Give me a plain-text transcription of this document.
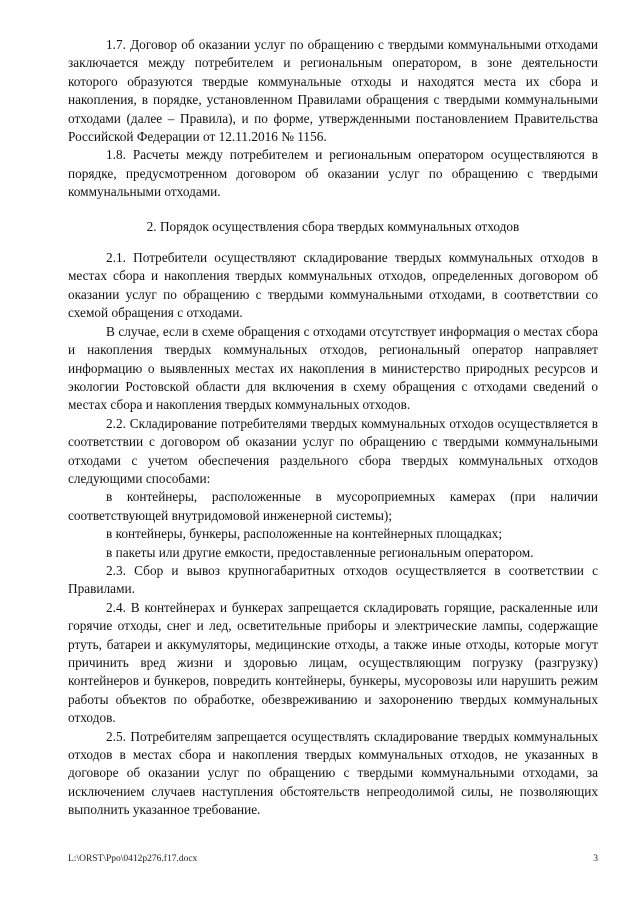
1.7. Договор об оказании услуг по обращению с твердыми коммунальными отходами заключается между потребителем и региональным оператором, в зоне деятельности которого образуются твердые коммунальные отходы и находятся места их сбора и накопления, в порядке, установленном Правилами обращения с твердыми коммунальными отходами (далее – Правила), и по форме, утвержденными постановлением Правительства Российской Федерации от 12.11.2016 № 1156.

1.8. Расчеты между потребителем и региональным оператором осуществляются в порядке, предусмотренном договором об оказании услуг по обращению с твердыми коммунальными отходами.

2. Порядок осуществления сбора твердых коммунальных отходов

2.1. Потребители осуществляют складирование твердых коммунальных отходов в местах сбора и накопления твердых коммунальных отходов, определенных договором об оказании услуг по обращению с твердыми коммунальными отходами, в соответствии со схемой обращения с отходами.

В случае, если в схеме обращения с отходами отсутствует информация о местах сбора и накопления твердых коммунальных отходов, региональный оператор направляет информацию о выявленных местах их накопления в министерство природных ресурсов и экологии Ростовской области для включения в схему обращения с отходами сведений о местах сбора и накопления твердых коммунальных отходов.

2.2. Складирование потребителями твердых коммунальных отходов осуществляется в соответствии с договором об оказании услуг по обращению с твердыми коммунальными отходами с учетом обеспечения раздельного сбора твердых коммунальных отходов следующими способами:

в контейнеры, расположенные в мусороприемных камерах (при наличии соответствующей внутридомовой инженерной системы);

в контейнеры, бункеры, расположенные на контейнерных площадках;

в пакеты или другие емкости, предоставленные региональным оператором.

2.3. Сбор и вывоз крупногабаритных отходов осуществляется в соответствии с Правилами.

2.4. В контейнерах и бункерах запрещается складировать горящие, раскаленные или горячие отходы, снег и лед, осветительные приборы и электрические лампы, содержащие ртуть, батареи и аккумуляторы, медицинские отходы, а также иные отходы, которые могут причинить вред жизни и здоровью лицам, осуществляющим погрузку (разгрузку) контейнеров и бункеров, повредить контейнеры, бункеры, мусоровозы или нарушить режим работы объектов по обработке, обезвреживанию и захоронению твердых коммунальных отходов.

2.5. Потребителям запрещается осуществлять складирование твердых коммунальных отходов в местах сбора и накопления твердых коммунальных отходов, не указанных в договоре об оказании услуг по обращению с твердыми коммунальными отходами, за исключением случаев наступления обстоятельств непреодолимой силы, не позволяющих выполнить указанное требование.

L:\ORST\Ppo\0412p276.f17.docx	3
